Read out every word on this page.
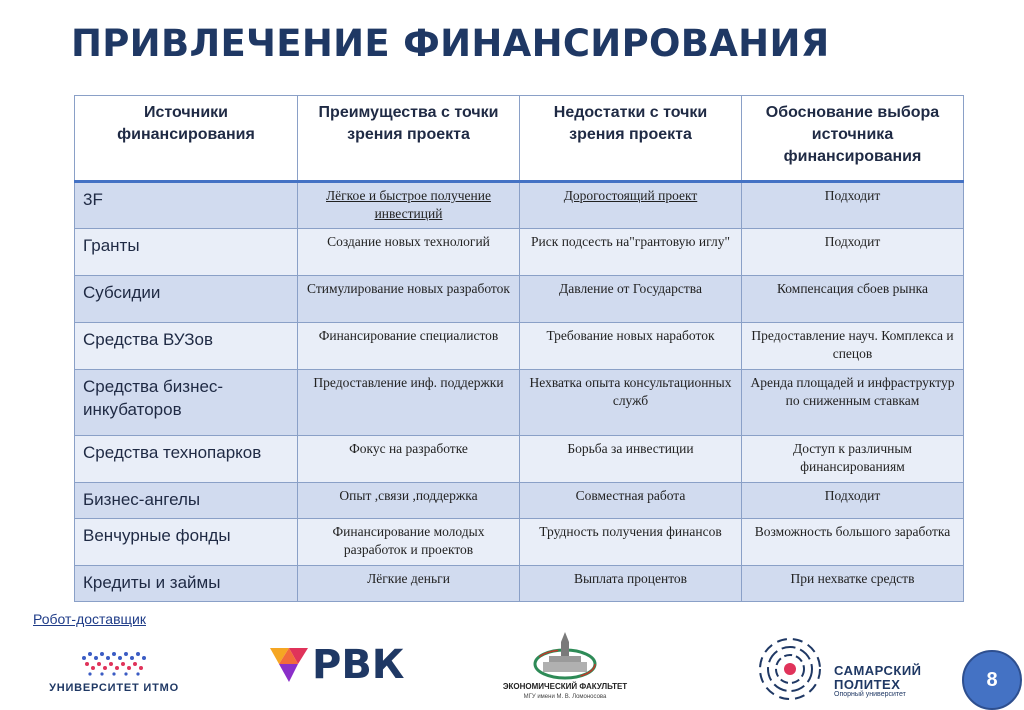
ПРИВЛЕЧЕНИЕ ФИНАНСИРОВАНИЯ
Источники финансирования	Преимущества с точки зрения проекта	Недостатки с точки зрения проекта	Обоснование выбора источника финансирования
3F	Лёгкое и быстрое получение инвестиций	Дорогостоящий проект	Подходит
Гранты	Создание новых технологий	Риск подсесть на"грантовую иглу"	Подходит
Субсидии	Стимулирование новых разработок	Давление от Государства	Компенсация сбоев рынка
Средства ВУЗов	Финансирование специалистов	Требование новых наработок	Предоставление науч. Комплекса и спецов
Средства бизнес-инкубаторов	Предоставление инф. поддержки	Нехватка опыта консультационных служб	Аренда площадей и инфраструктур по сниженным ставкам
Средства технопарков	Фокус на разработке	Борьба за инвестиции	Доступ к различным финансированиям
Бизнес-ангелы	Опыт ,связи ,поддержка	Совместная работа	Подходит
Венчурные фонды	Финансирование молодых разработок и проектов	Трудность получения финансов	Возможность большого заработка
Кредиты и займы	Лёгкие деньги	Выплата процентов	При нехватке средств
Робот-доставщик
УНИВЕРСИТЕТ ИТМО	РВК	ЭКОНОМИЧЕСКИЙ ФАКУЛЬТЕТ
МГУ имени М. В. Ломоносова
САМАРСКИЙ
ПОЛИТЕХ
Опорный университет
8
